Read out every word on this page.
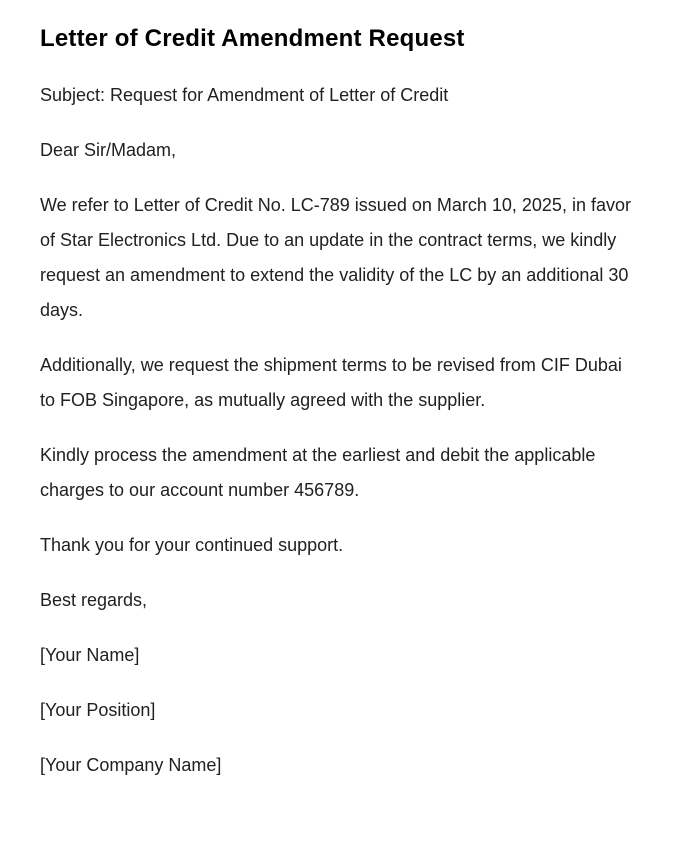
Letter of Credit Amendment Request

Subject: Request for Amendment of Letter of Credit

Dear Sir/Madam,

We refer to Letter of Credit No. LC-789 issued on March 10, 2025, in favor of Star Electronics Ltd. Due to an update in the contract terms, we kindly request an amendment to extend the validity of the LC by an additional 30 days.

Additionally, we request the shipment terms to be revised from CIF Dubai to FOB Singapore, as mutually agreed with the supplier.

Kindly process the amendment at the earliest and debit the applicable charges to our account number 456789.

Thank you for your continued support.

Best regards,

[Your Name]

[Your Position]

[Your Company Name]
